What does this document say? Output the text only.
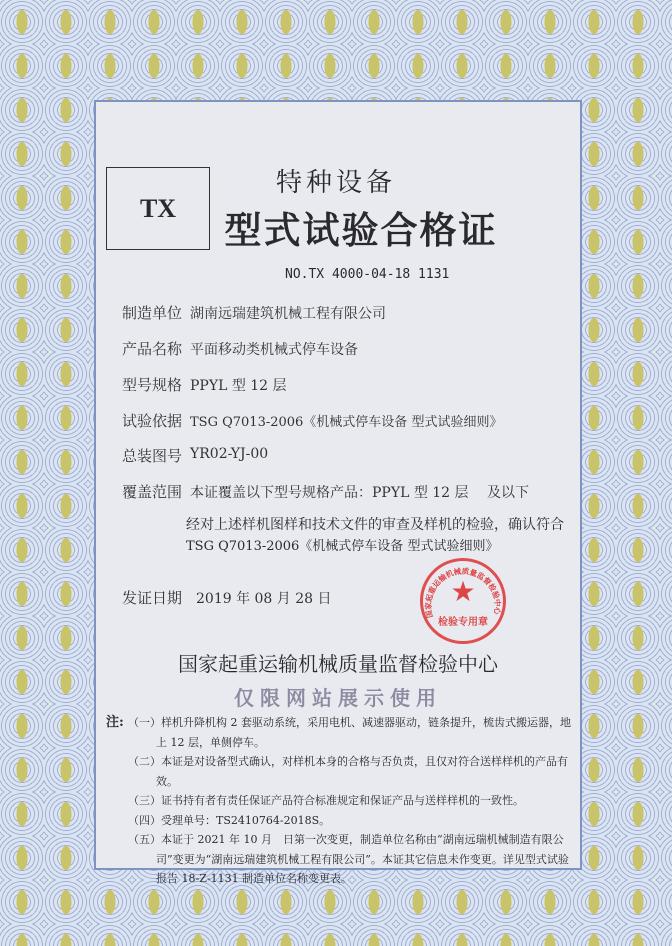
TX
特种设备
型式试验合格证
NO.TX 4000-04-18 1131
制造单位 湖南远瑞建筑机械工程有限公司
产品名称 平面移动类机械式停车设备
型号规格 PPYL 型 12 层
试验依据 TSG Q7013-2006《机械式停车设备 型式试验细则》
总装图号 YR02-YJ-00
覆盖范围 本证覆盖以下型号规格产品：PPYL 型 12 层　 及以下
经对上述样机图样和技术文件的审查及样机的检验，确认符合
TSG Q7013-2006《机械式停车设备 型式试验细则》
发证日期 2019 年 08 月 28 日
国家起重运输机械质量监督检验中心
★
检验专用章
国家起重运输机械质量监督检验中心
仅限网站展示使用
注: （一）样机升降机构 2 套驱动系统，采用电机、减速器驱动，链条提升，梳齿式搬运器，地上 12 层，单侧停车。
（二）本证是对设备型式确认，对样机本身的合格与否负责，且仅对符合送样样机的产品有效。
（三）证书持有者有责任保证产品符合标准规定和保证产品与送样样机的一致性。
（四）受理单号：TS2410764-2018S。
（五）本证于 2021 年 10 月　日第一次变更，制造单位名称由“湖南远瑞机械制造有限公司”变更为“湖南远瑞建筑机械工程有限公司”。本证其它信息未作变更。详见型式试验报告 18-Z-1131 制造单位名称变更表。
